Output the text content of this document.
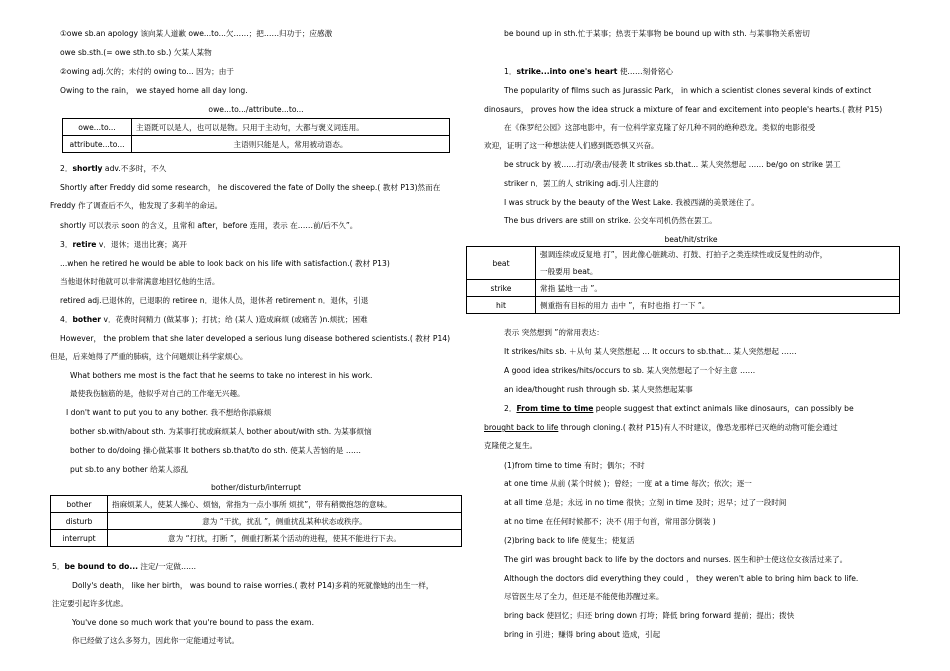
①owe sb.an apology 该向某人道歉 owe...to...欠……；把……归功于；应感激
owe sb.sth.(= owe sth.to sb.) 欠某人某物
②owing adj.欠的；未付的 owing to... 因为；由于
Owing to the rain， we stayed home all day long.
owe...to.../attribute...to...
owe...to...	主语既可以是人，也可以是物。只用于主动句，大都与褒义词连用。
attribute...to...	主语则只能是人，常用被动语态。
2．shortly adv.不多时，不久
Shortly after Freddy did some research， he discovered the fate of Dolly the sheep.( 教材 P13)然而在
Freddy 作了调查后不久，他发现了多莉羊的命运。
shortly 可以表示 soon 的含义，且常和 after，before 连用，表示 在……前/后不久”。
3．retire v．退休；退出比赛；离开
...when he retired he would be able to look back on his life with satisfaction.( 教材 P13)
当他退休时他就可以非常满意地回忆他的生活。
retired adj.已退休的，已退职的 retiree n．退休人员，退休者 retirement n．退休，引退
4．bother v．花费时间精力 (做某事 )；打扰；给 (某人 )造成麻烦 (或痛苦 )n.烦扰；困难
However， the problem that she later developed a serious lung disease bothered scientists.( 教材 P14)
但是，后来她得了严重的肺病，这个问题烦让科学家烦心。
What bothers me most is the fact that he seems to take no interest in his work.
最使我伤脑筋的是，他似乎对自己的工作毫无兴趣。
I don't want to put you to any bother. 我不想给你添麻烦
bother sb.with/about sth. 为某事打扰或麻烦某人 bother about/with sth. 为某事烦恼
bother to do/doing 操心做某事 It bothers sb.that/to do sth. 使某人苦恼的是 ……
put sb.to any bother 给某人添乱
bother/disturb/interrupt
bother	指麻烦某人，使某人操心、烦恼，常指为一点小事所 烦扰”，带有稍微抱怨的意味。
disturb	意为 “干扰，扰乱 ”，侧重扰乱某种状态或秩序。
interrupt	意为 “打扰，打断 ”，侧重打断某个活动的进程，使其不能进行下去。
5．be bound to do... 注定/一定做……
Dolly's death， like her birth， was bound to raise worries.( 教材 P14)多莉的死就像她的出生一样，
注定要引起许多忧虑。
You've done so much work that you're bound to pass the exam.
你已经做了这么多努力，因此你一定能通过考试。
be bound up in sth.忙于某事；热衷于某事物 be bound up with sth. 与某事物关系密切
1．strike...into one's heart 使……刻骨铭心
The popularity of films such as Jurassic Park， in which a scientist clones several kinds of extinct
dinosaurs， proves how the idea struck a mixture of fear and excitement into people's hearts.( 教材 P15)
在《侏罗纪公园》这部电影中，有一位科学家克隆了好几种不同的绝种恐龙。类似的电影很受
欢迎，证明了这一种想法使人们感到既恐惧又兴奋。
be struck by 被……打动/袭击/侵袭 It strikes sb.that... 某人突然想起 …… be/go on strike 罢工
striker n．罢工的人 striking adj.引人注意的
I was struck by the beauty of the West Lake. 我被西湖的美景迷住了。
The bus drivers are still on strike. 公交车司机仍然在罢工。
beat/hit/strike
beat	强调连续或反复地 打”，因此像心脏跳动、打鼓、打拍子之类连续性或反复性的动作，
一般要用 beat。

strike	常指 猛地一击 ”。
hit	侧重指有目标的用力 击中 ”，有时也指 打一下 ”。
表示 突然想到 ”的常用表达：
It strikes/hits sb. ＋从句 某人突然想起 … It occurs to sb.that... 某人突然想起 ……
A good idea strikes/hits/occurs to sb. 某人突然想起了一个好主意 ……
an idea/thought rush through sb. 某人突然想起某事
2．From time to time people suggest that extinct animals like dinosaurs，can possibly be
brought back to life through cloning.( 教材 P15)有人不时建议，像恐龙那样已灭绝的动物可能会通过
克隆使之复生。
(1)from time to time 有时；偶尔；不时
at one time 从前 (某个时候 )；曾经；一度 at a time 每次；依次；逐一
at all time 总是；永远 in no time 很快；立刻 in time 及时；迟早；过了一段时间
at no time 在任何时候都不；决不 (用于句首，常用部分倒装 )
(2)bring back to life 使复生；使复活
The girl was brought back to life by the doctors and nurses. 医生和护士使这位女孩活过来了。
Although the doctors did everything they could ， they weren't able to bring him back to life.
尽管医生尽了全力，但还是不能使他苏醒过来。
bring back 使回忆；归还 bring down 打垮；降低 bring forward 提前；提出；拨快
bring in 引进；赚得 bring about 造成，引起
